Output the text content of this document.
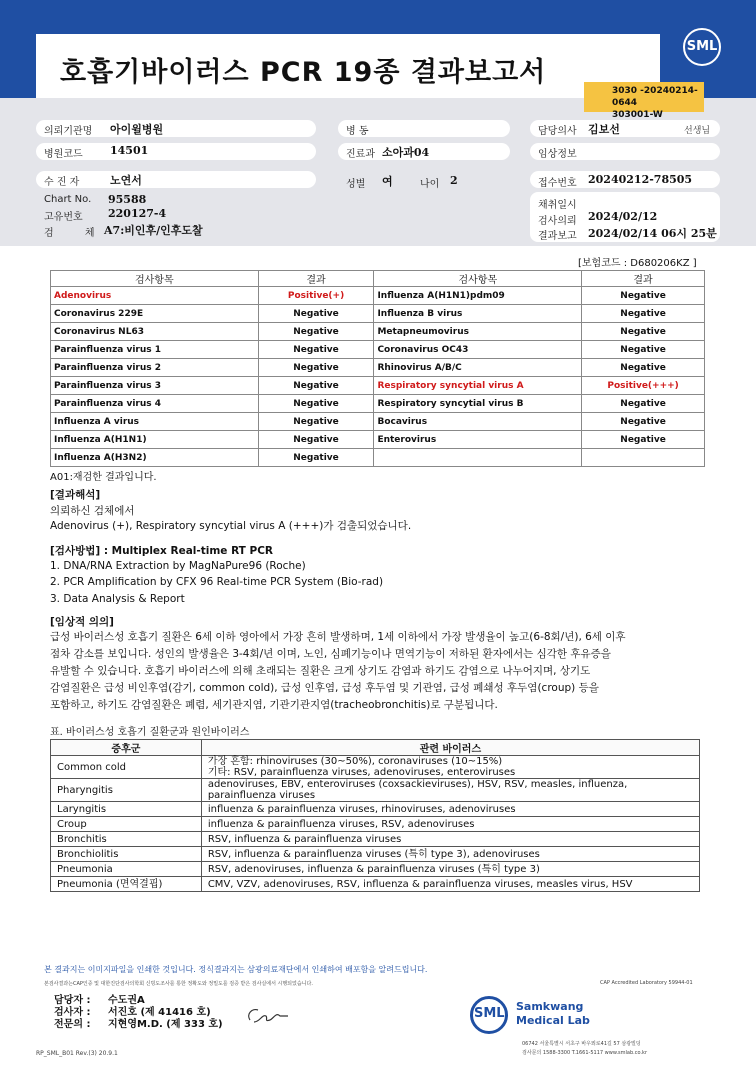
호흡기바이러스 PCR 19종 결과보고서
SML
3030 -20240214-0644
303001-W
의뢰기관명 아이윌병원
병원코드 14501
수 진 자	노연서
Chart No. 95588
고유번호 220127-4
검 체
A7:비인후/인후도찰
병 동
진료과 소아과04
성별 여	나이 2
담당의사 김보선	선생님
임상정보
접수번호 20240212-78505
채취일시
검사의뢰 2024/02/12
결과보고 2024/02/14 06시 25분
[보험코드 : D680206KZ ]
검사항목	결과	검사항목	결과
Adenovirus	Positive(+)	Influenza A(H1N1)pdm09	Negative
Coronavirus 229E	Negative	Influenza B virus	Negative
Coronavirus NL63	Negative	Metapneumovirus	Negative
Parainfluenza virus 1	Negative	Coronavirus OC43	Negative
Parainfluenza virus 2	Negative	Rhinovirus A/B/C	Negative
Parainfluenza virus 3	Negative	Respiratory syncytial virus A	Positive(+++)
Parainfluenza virus 4	Negative	Respiratory syncytial virus B	Negative
Influenza A virus	Negative	Bocavirus	Negative
Influenza A(H1N1)	Negative	Enterovirus	Negative
Influenza A(H3N2)	Negative		
A01:재검한 결과입니다.
[결과해석]
의뢰하신 검체에서
Adenovirus (+), Respiratory syncytial virus A (+++)가 검출되었습니다.
[검사방법] : Multiplex Real-time RT PCR
1. DNA/RNA Extraction by MagNaPure96 (Roche)
2. PCR Amplification by CFX 96 Real-time PCR System (Bio-rad)
3. Data Analysis & Report
[임상적 의의]
급성 바이러스성 호흡기 질환은 6세 이하 영아에서 가장 흔히 발생하며, 1세 이하에서 가장 발생율이 높고(6-8회/년), 6세 이후
점차 감소를 보입니다. 성인의 발생율은 3-4회/년 이며, 노인, 심폐기능이나 면역기능이 저하된 환자에서는 심각한 후유증을
유발할 수 있습니다. 호흡기 바이러스에 의해 초래되는 질환은 크게 상기도 감염과 하기도 감염으로 나누어지며, 상기도
감염질환은 급성 비인후염(감기, common cold), 급성 인후염, 급성 후두염 및 기관염, 급성 폐쇄성 후두염(croup) 등을
포함하고, 하기도 감염질환은 폐렴, 세기관지염, 기관기관지염(tracheobronchitis)로 구분됩니다.
표. 바이러스성 호흡기 질환군과 원인바이러스
증후군	관련 바이러스
Common cold	가장 흔함: rhinoviruses (30~50%), coronaviruses (10~15%)
기타: RSV, parainfluenza viruses, adenoviruses, enteroviruses

Pharyngitis	adenoviruses, EBV, enteroviruses (coxsackieviruses), HSV, RSV, measles, influenza,
parainfluenza viruses

Laryngitis	influenza & parainfluenza viruses, rhinoviruses, adenoviruses

Croup	influenza & parainfluenza viruses, RSV, adenoviruses

Bronchitis	RSV, influenza & parainfluenza viruses

Bronchiolitis	RSV, influenza & parainfluenza viruses (특히 type 3), adenoviruses

Pneumonia	RSV, adenoviruses, influenza & parainfluenza viruses (특히 type 3)

Pneumonia (면역결핍)	CMV, VZV, adenoviruses, RSV, influenza & parainfluenza viruses, measles virus, HSV
본 결과지는 이미지파일을 인쇄한 것입니다. 정식결과지는 삼광의료재단에서 인쇄하여 배포함을 알려드립니다.
본검사결과는CAP인증 및 대한진단검사의학회 신빙도조사를 통한 정확도와 정밀도를 검증 받은 검사실에서 시행되었습니다.	CAP Accredited Laboratory 59944-01
담당자 : 수도권A
검사자 : 서진호 (제 41416 호)
전문의 : 지현영M.D. (제 333 호)
SML Samkwang
Medical Lab
06742 서울특별시 서초구 바우뫼로41길 57 삼광빌딩
검사문의 1588-3300 T.1661-5117 www.smlab.co.kr
RP_SML_B01 Rev.(3) 20.9.1
